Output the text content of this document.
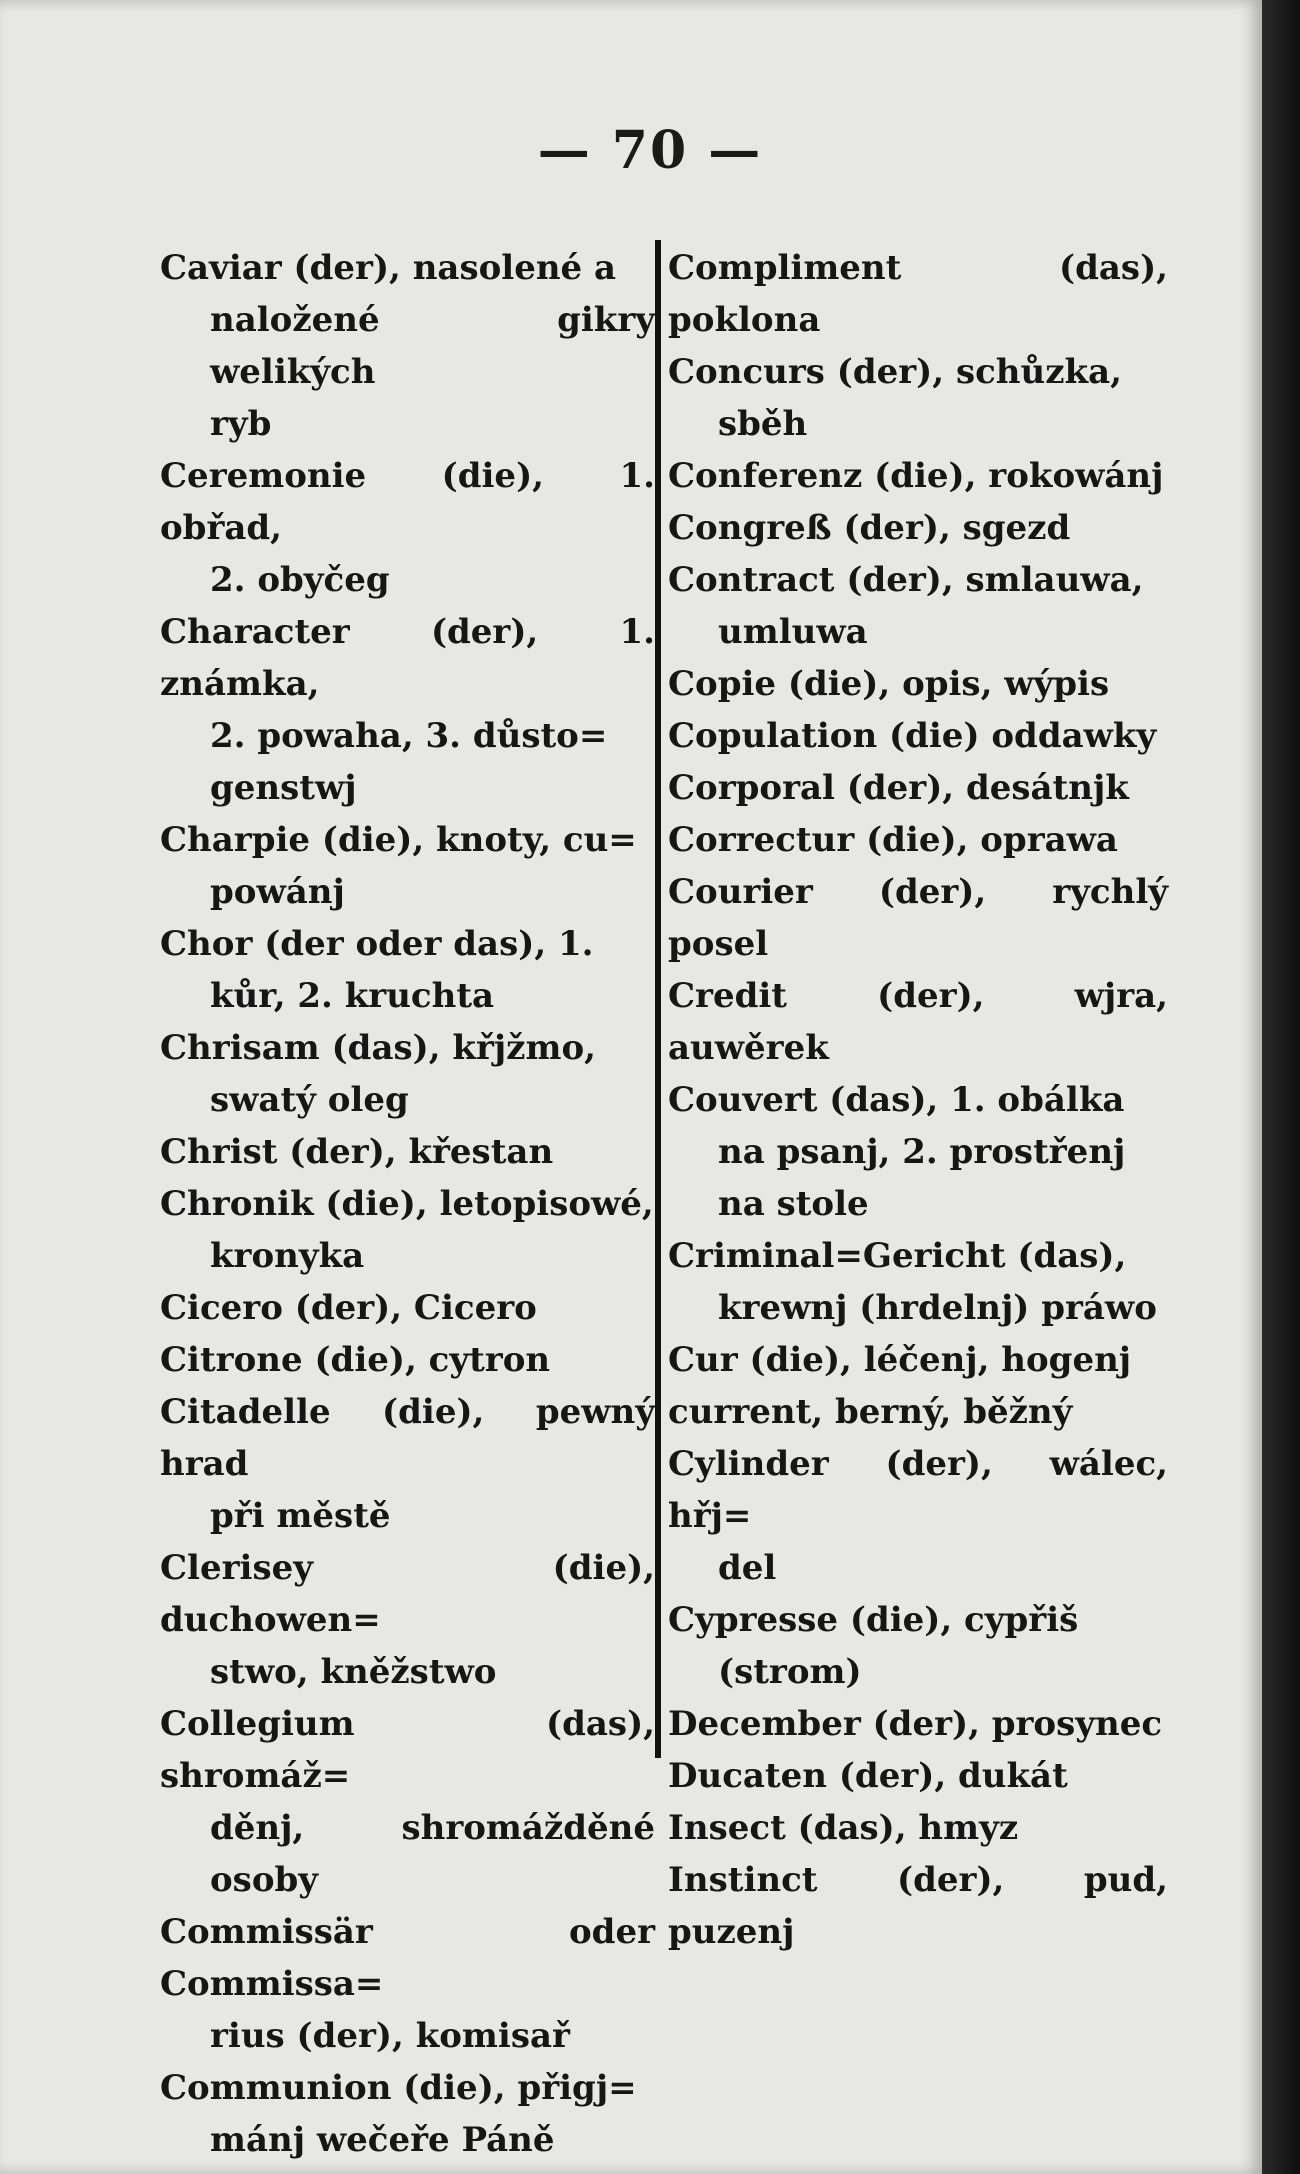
— 70 —
Caviar (der), nasolené a
naložené gikry welikých
ryb
Ceremonie (die), 1. obřad,
2. obyčeg
Character (der), 1. známka,
2. powaha, 3. důsto=
genstwj
Charpie (die), knoty, cu=
powánj
Chor (der oder das), 1.
kůr, 2. kruchta
Chrisam (das), křjžmo,
swatý oleg
Christ (der), křestan
Chronik (die), letopisowé,
kronyka
Cicero (der), Cicero
Citrone (die), cytron
Citadelle (die), pewný hrad
při městě
Clerisey (die), duchowen=
stwo, kněžstwo
Collegium (das), shromáž=
děnj, shromážděné osoby
Commissär oder Commissa=
rius (der), komisař
Communion (die), přigj=
mánj wečeře Páně
Compliment (das), poklona
Concurs (der), schůzka,
sběh
Conferenz (die), rokowánj
Congreß (der), sgezd
Contract (der), smlauwa,
umluwa
Copie (die), opis, wýpis
Copulation (die) oddawky
Corporal (der), desátnjk
Correctur (die), oprawa
Courier (der), rychlý posel
Credit (der), wjra, auwěrek
Couvert (das), 1. obálka
na psanj, 2. prostřenj
na stole
Criminal=Gericht (das),
krewnj (hrdelnj) práwo
Cur (die), léčenj, hogenj
current, berný, běžný
Cylinder (der), wálec, hřj=
del
Cypresse (die), cypřiš
(strom)
December (der), prosynec
Ducaten (der), dukát
Insect (das), hmyz
Instinct (der), pud, puzenj
